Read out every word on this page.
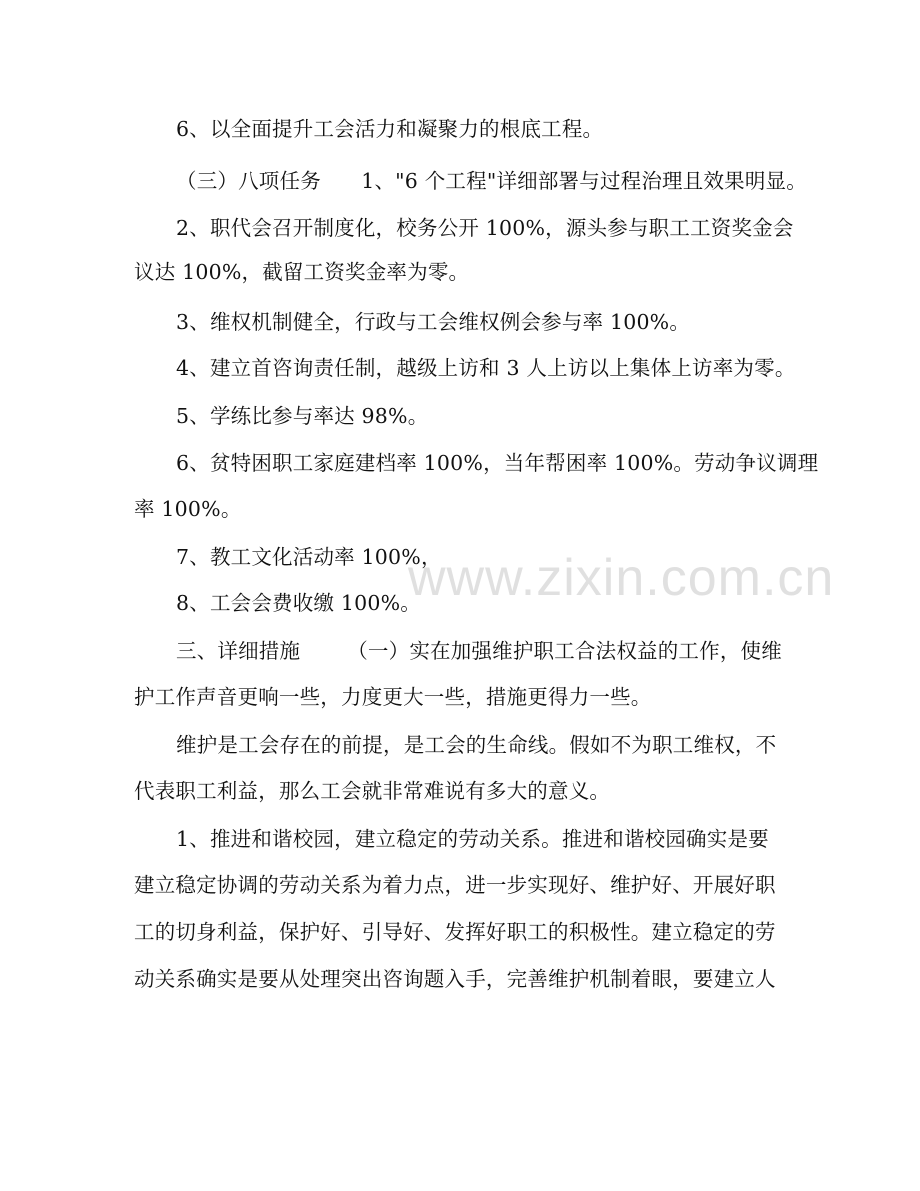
6、以全面提升工会活力和凝聚力的根底工程。
（三）八项任务      1、"6 个工程"详细部署与过程治理且效果明显。
2、职代会召开制度化，校务公开 100%，源头参与职工工资奖金会
议达 100%，截留工资奖金率为零。
3、维权机制健全，行政与工会维权例会参与率 100%。
4、建立首咨询责任制，越级上访和 3 人上访以上集体上访率为零。
5、学练比参与率达 98%。
6、贫特困职工家庭建档率 100%，当年帮困率 100%。劳动争议调理
率 100%。
7、教工文化活动率 100%，
8、工会会费收缴 100%。
三、详细措施       （一）实在加强维护职工合法权益的工作，使维
护工作声音更响一些，力度更大一些，措施更得力一些。
维护是工会存在的前提，是工会的生命线。假如不为职工维权，不
代表职工利益，那么工会就非常难说有多大的意义。
1、推进和谐校园，建立稳定的劳动关系。推进和谐校园确实是要
建立稳定协调的劳动关系为着力点，进一步实现好、维护好、开展好职
工的切身利益，保护好、引导好、发挥好职工的积极性。建立稳定的劳
动关系确实是要从处理突出咨询题入手，完善维护机制着眼，要建立人
www.zixin.com.cn
